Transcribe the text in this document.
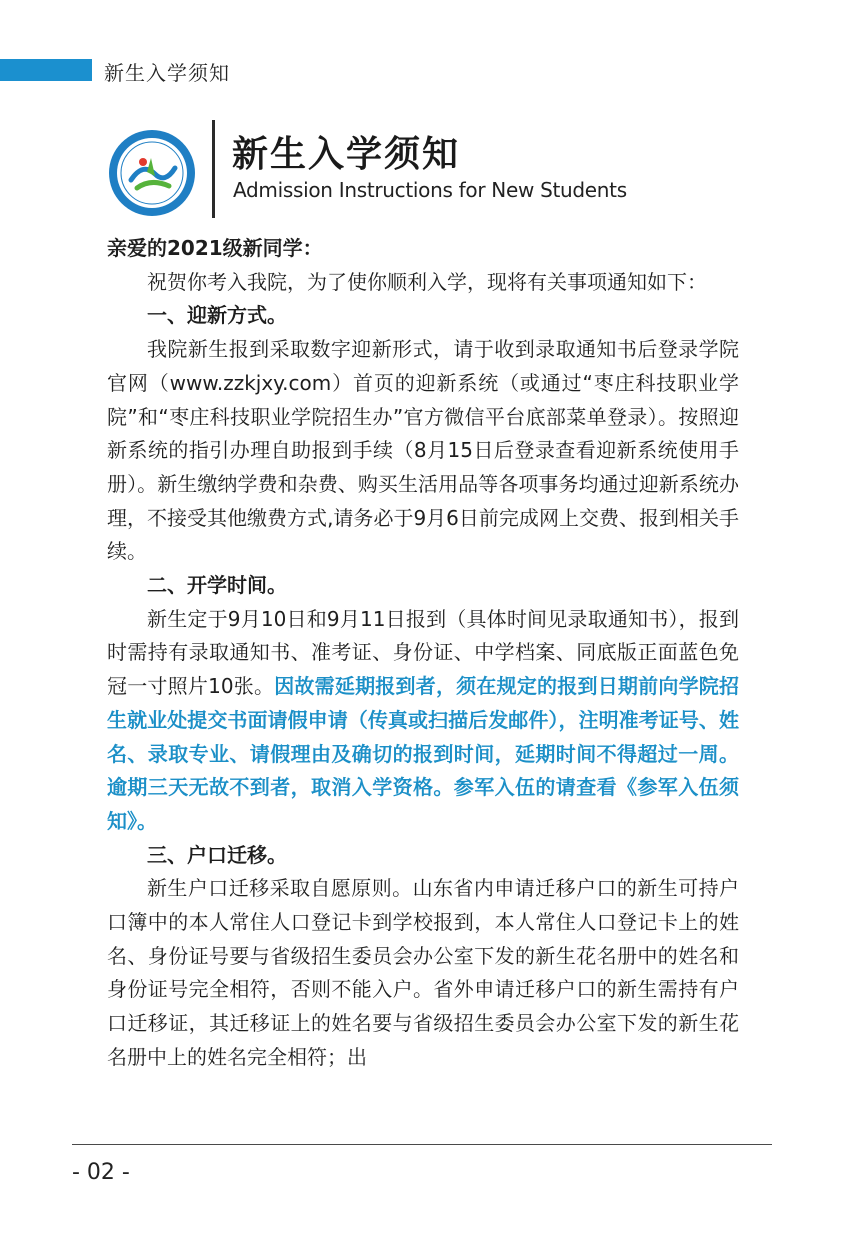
新生入学须知
新生入学须知
Admission Instructions for New Students

亲爱的2021级新同学：

祝贺你考入我院，为了使你顺利入学，现将有关事项通知如下：

一、迎新方式。

我院新生报到采取数字迎新形式，请于收到录取通知书后登录学院官网（www.zzkjxy.com）首页的迎新系统（或通过“枣庄科技职业学院”和“枣庄科技职业学院招生办”官方微信平台底部菜单登录）。按照迎新系统的指引办理自助报到手续（8月15日后登录查看迎新系统使用手册）。新生缴纳学费和杂费、购买生活用品等各项事务均通过迎新系统办理，不接受其他缴费方式,请务必于9月6日前完成网上交费、报到相关手续。

二、开学时间。

新生定于9月10日和9月11日报到（具体时间见录取通知书），报到时需持有录取通知书、准考证、身份证、中学档案、同底版正面蓝色免冠一寸照片10张。因故需延期报到者，须在规定的报到日期前向学院招生就业处提交书面请假申请（传真或扫描后发邮件），注明准考证号、姓名、录取专业、请假理由及确切的报到时间，延期时间不得超过一周。逾期三天无故不到者，取消入学资格。参军入伍的请查看《参军入伍须知》。

三、户口迁移。

新生户口迁移采取自愿原则。山东省内申请迁移户口的新生可持户口簿中的本人常住人口登记卡到学校报到，本人常住人口登记卡上的姓名、身份证号要与省级招生委员会办公室下发的新生花名册中的姓名和身份证号完全相符，否则不能入户。省外申请迁移户口的新生需持有户口迁移证，其迁移证上的姓名要与省级招生委员会办公室下发的新生花名册中上的姓名完全相符；出

- 02 -
